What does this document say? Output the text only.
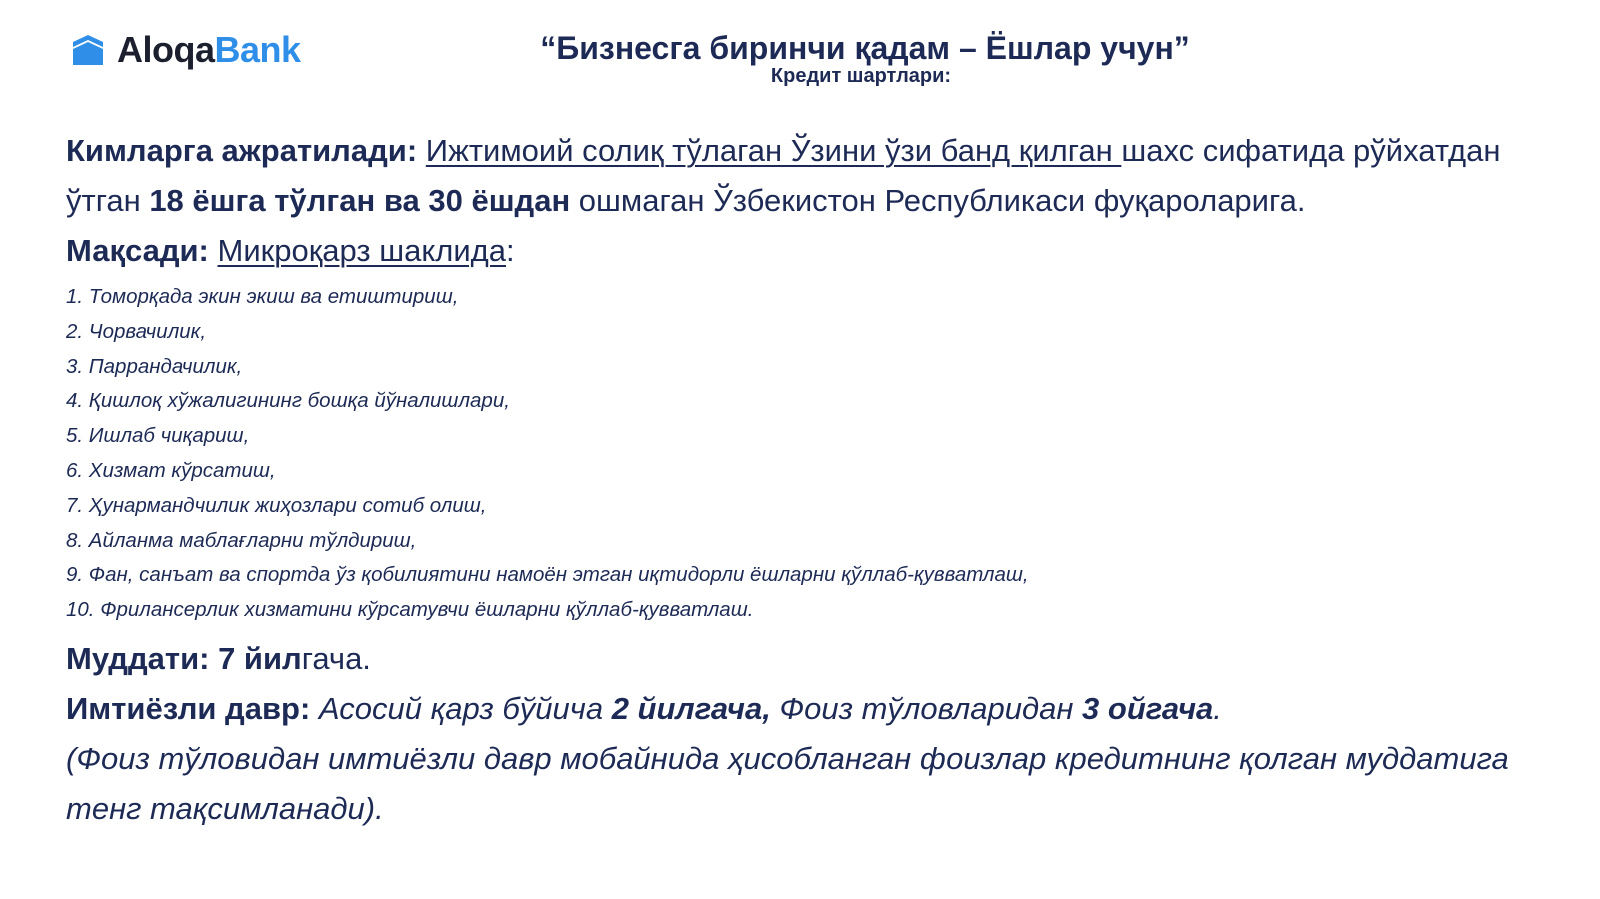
AloqaBank	“Бизнесга биринчи қадам – Ёшлар учун”
Кредит шартлари:
Кимларга ажратилади: Ижтимоий солиқ тўлаган Ўзини ўзи банд қилган шахс сифатида рўйхатдан ўтган 18 ёшга тўлган ва 30 ёшдан ошмаган Ўзбекистон Республикаси фуқароларига.
Мақсади: Микроқарз шаклида:
1. Томорқада экин экиш ва етиштириш,
2. Чорвачилик,
3. Паррандачилик,
4. Қишлоқ хўжалигининг бошқа йўналишлари,
5. Ишлаб чиқариш,
6. Хизмат кўрсатиш,
7. Ҳунармандчилик жиҳозлари сотиб олиш,
8. Айланма маблағларни тўлдириш,
9. Фан, санъат ва спортда ўз қобилиятини намоён этган иқтидорли ёшларни қўллаб-қувватлаш,
10. Фрилансерлик хизматини кўрсатувчи ёшларни қўллаб-қувватлаш.
Муддати: 7 йилгача.
Имтиёзли давр: Асосий қарз бўйича 2 йилгача, Фоиз тўловларидан 3 ойгача.
(Фоиз тўловидан имтиёзли давр мобайнида ҳисобланган фоизлар кредитнинг қолган муддатига тенг тақсимланади).
